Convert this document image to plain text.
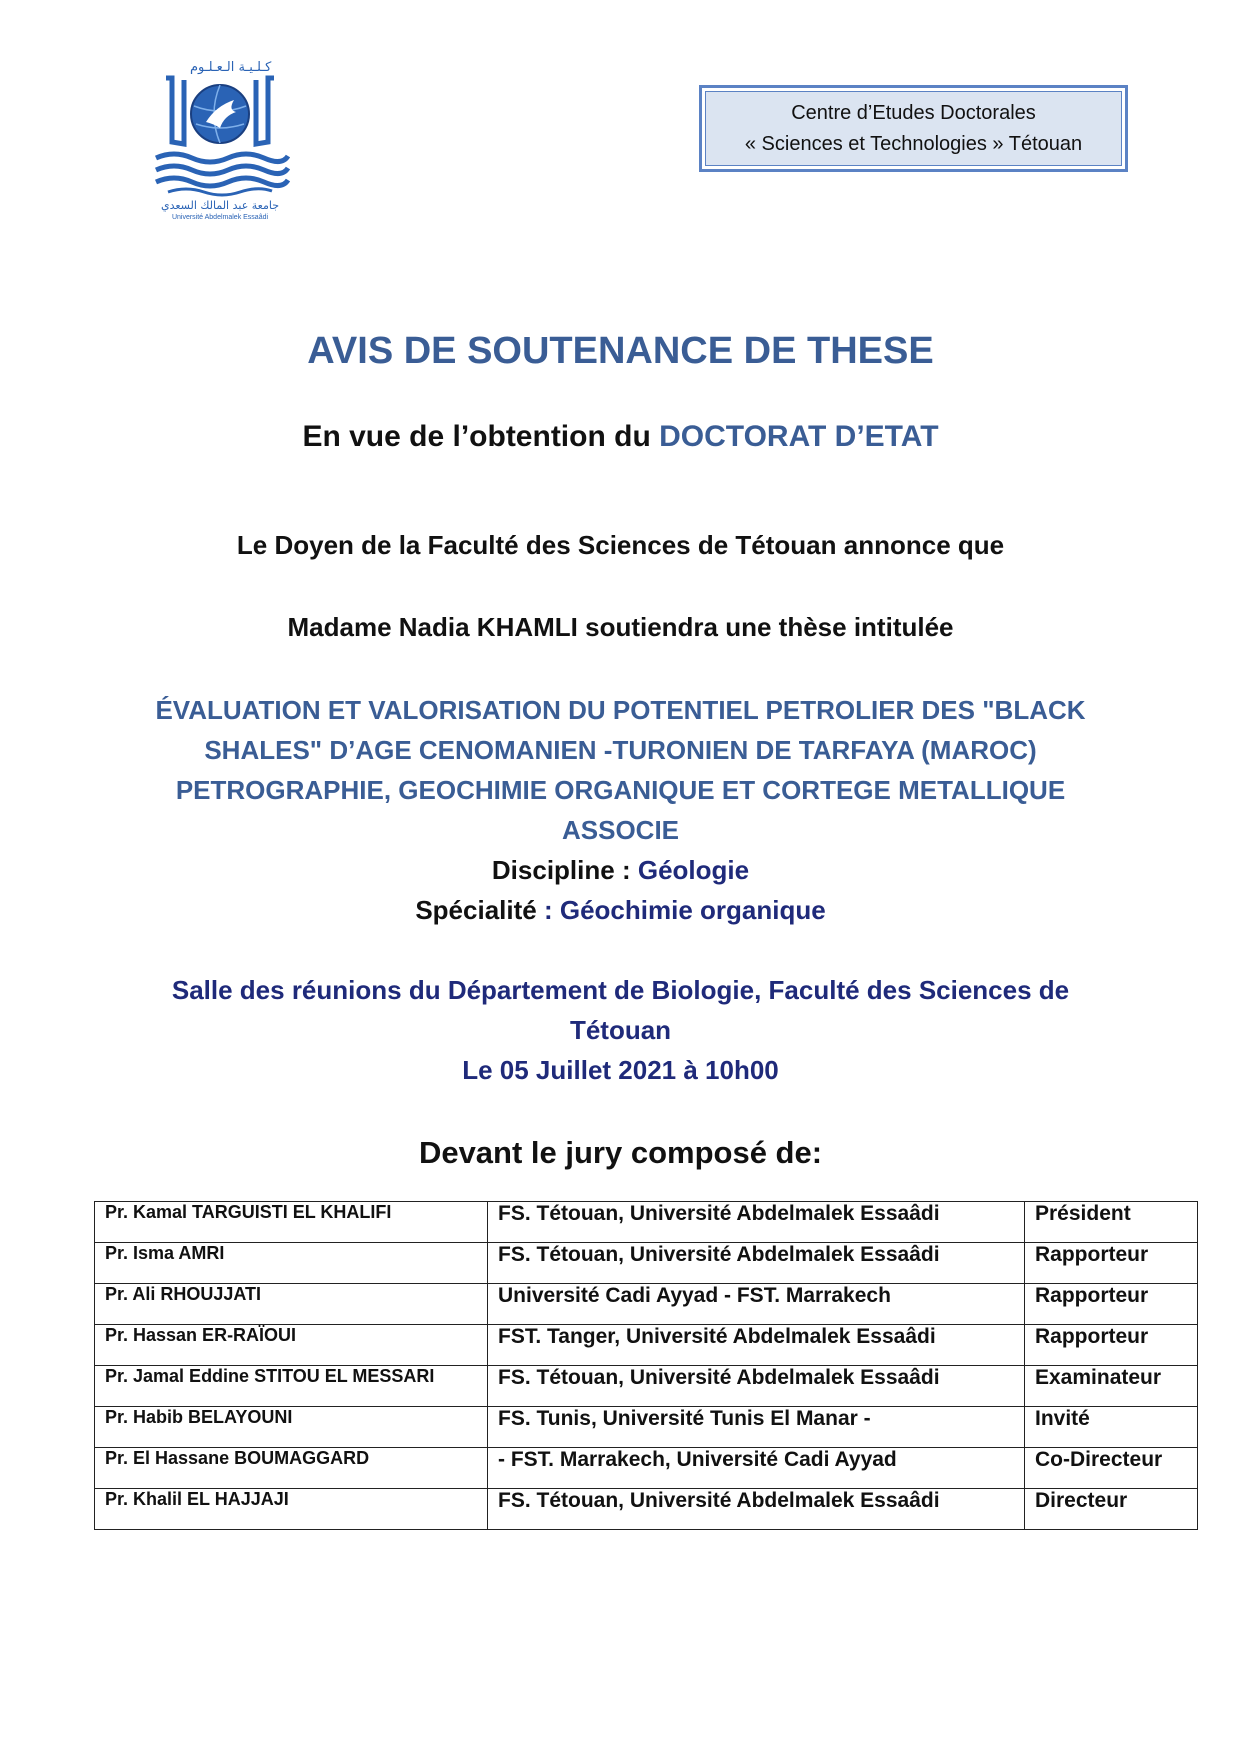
كـلـيـة الـعـلـوم
جامعة عبد المالك السعدي
Université Abdelmalek Essaâdi
Centre d’Etudes Doctorales
« Sciences et Technologies » Tétouan
AVIS DE SOUTENANCE DE THESE
En vue de l’obtention du DOCTORAT D’ETAT
Le Doyen de la Faculté des Sciences de Tétouan annonce que
Madame Nadia KHAMLI soutiendra une thèse intitulée
ÉVALUATION ET VALORISATION DU POTENTIEL PETROLIER DES "BLACK
SHALES" D’AGE CENOMANIEN -TURONIEN DE TARFAYA (MAROC)
PETROGRAPHIE, GEOCHIMIE ORGANIQUE ET CORTEGE METALLIQUE
ASSOCIE
Discipline : Géologie
Spécialité : Géochimie organique
Salle des réunions du Département de Biologie, Faculté des Sciences de
Tétouan
Le 05 Juillet 2021 à 10h00
Devant le jury composé de:
Pr. Kamal TARGUISTI EL KHALIFI	FS. Tétouan, Université Abdelmalek Essaâdi	Président
Pr. Isma AMRI	FS. Tétouan, Université Abdelmalek Essaâdi	Rapporteur
Pr. Ali RHOUJJATI	Université Cadi Ayyad - FST. Marrakech	Rapporteur
Pr. Hassan ER-RAÏOUI	FST. Tanger, Université Abdelmalek Essaâdi	Rapporteur
Pr. Jamal Eddine STITOU EL MESSARI	FS. Tétouan, Université Abdelmalek Essaâdi	Examinateur
Pr. Habib BELAYOUNI	FS. Tunis, Université Tunis El Manar -	Invité
Pr. El Hassane BOUMAGGARD	- FST. Marrakech, Université Cadi Ayyad	Co-Directeur
Pr. Khalil EL HAJJAJI	FS. Tétouan, Université Abdelmalek Essaâdi	Directeur
